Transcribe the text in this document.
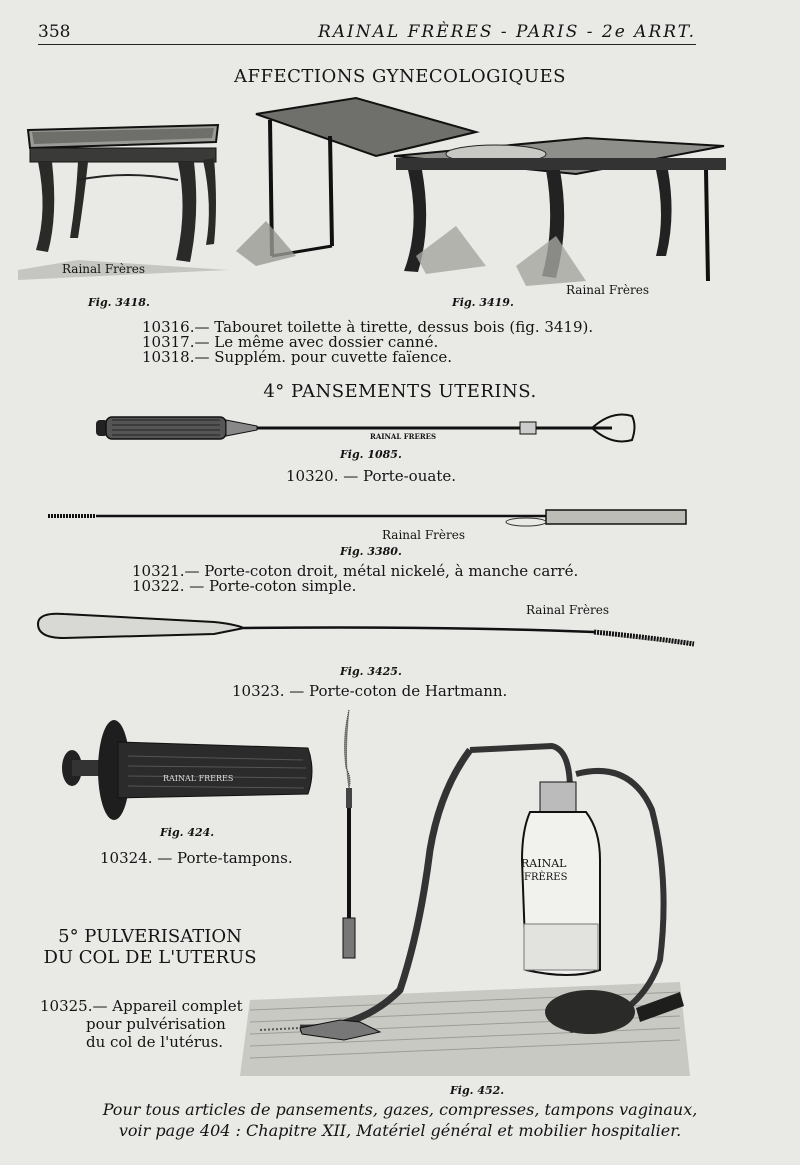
358	RAINAL FRÈRES - PARIS - 2e ARRT.
AFFECTIONS GYNECOLOGIQUES
Rainal Frères
Fig. 3418.
Rainal Frères
Fig. 3419.
10316.— Tabouret toilette à tirette, dessus bois (fig. 3419).
10317.— Le même avec dossier canné.
10318.— Supplém. pour cuvette faïence.
4° PANSEMENTS UTERINS.
RAINAL FRERES
Fig. 1085.
10320. — Porte-ouate.
Rainal Frères
Fig. 3380.
10321.— Porte-coton droit, métal nickelé, à manche carré.
10322. — Porte-coton simple.
Rainal Frères
Fig. 3425.
10323. — Porte-coton de Hartmann.
RAINAL FRERES
Fig. 424.
10324. — Porte-tampons.
5° PULVERISATION
DU COL DE L'UTERUS
RAINAL
FRÈRES
10325.— Appareil complet
pour pulvérisation
du col de l'utérus.
Fig. 452.
Pour tous articles de pansements, gazes, compresses, tampons vaginaux,
voir page 404 : Chapitre XII, Matériel général et mobilier hospitalier.
